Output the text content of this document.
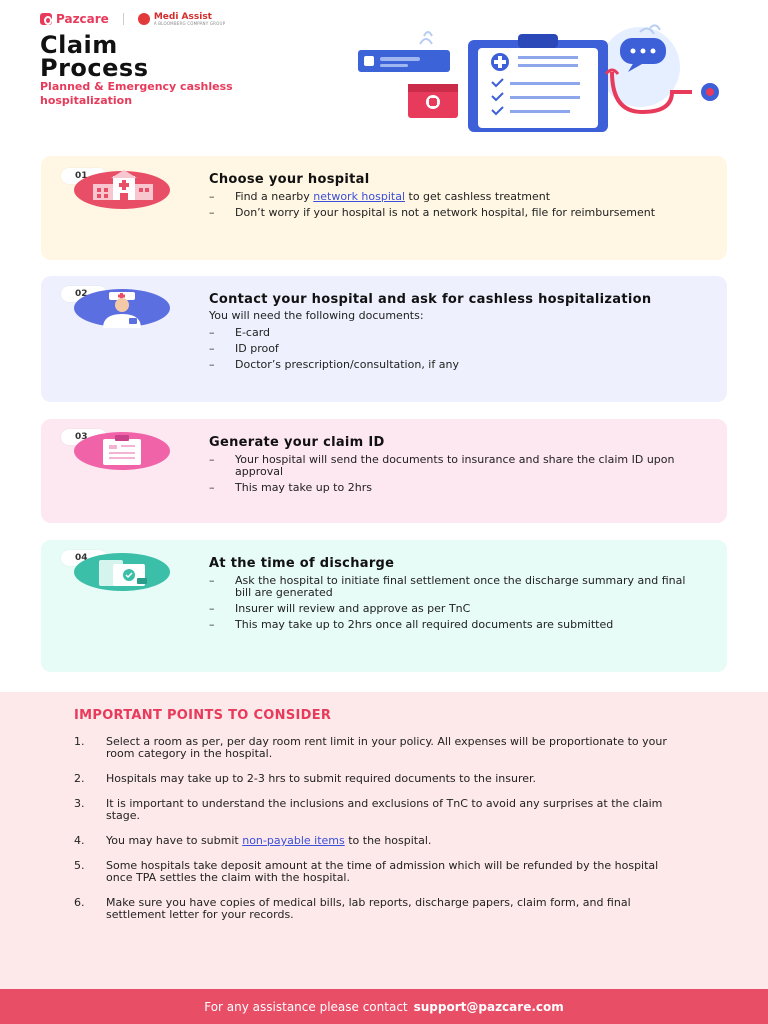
Pazcare	Medi Assist
A BLOOMBERG COMPANY GROUP
Claim
Process
Planned & Emergency cashless hospitalization
01	Choose your hospital
– Find a nearby network hospital to get cashless treatment
– Don’t worry if your hospital is not a network hospital, file for reimbursement
02	Contact your hospital and ask for cashless hospitalization
You will need the following documents:
– E-card
– ID proof
– Doctor’s prescription/consultation, if any
03	Generate your claim ID
– Your hospital will send the documents to insurance and share the claim ID upon approval
– This may take up to 2hrs
04	At the time of discharge
– Ask the hospital to initiate final settlement once the discharge summary and final bill are generated
– Insurer will review and approve as per TnC
– This may take up to 2hrs once all required documents are submitted
IMPORTANT POINTS TO CONSIDER
1.	Select a room as per, per day room rent limit in your policy. All expenses will be proportionate to your room category in the hospital.
2.	Hospitals may take up to 2-3 hrs to submit required documents to the insurer.
3.	It is important to understand the inclusions and exclusions of TnC to avoid any surprises at the claim stage.
4.	You may have to submit non-payable items to the hospital.
5.	Some hospitals take deposit amount at the time of admission which will be refunded by the hospital once TPA settles the claim with the hospital.
6.	Make sure you have copies of medical bills, lab reports, discharge papers, claim form, and final settlement letter for your records.
For any assistance please contact support@pazcare.com
